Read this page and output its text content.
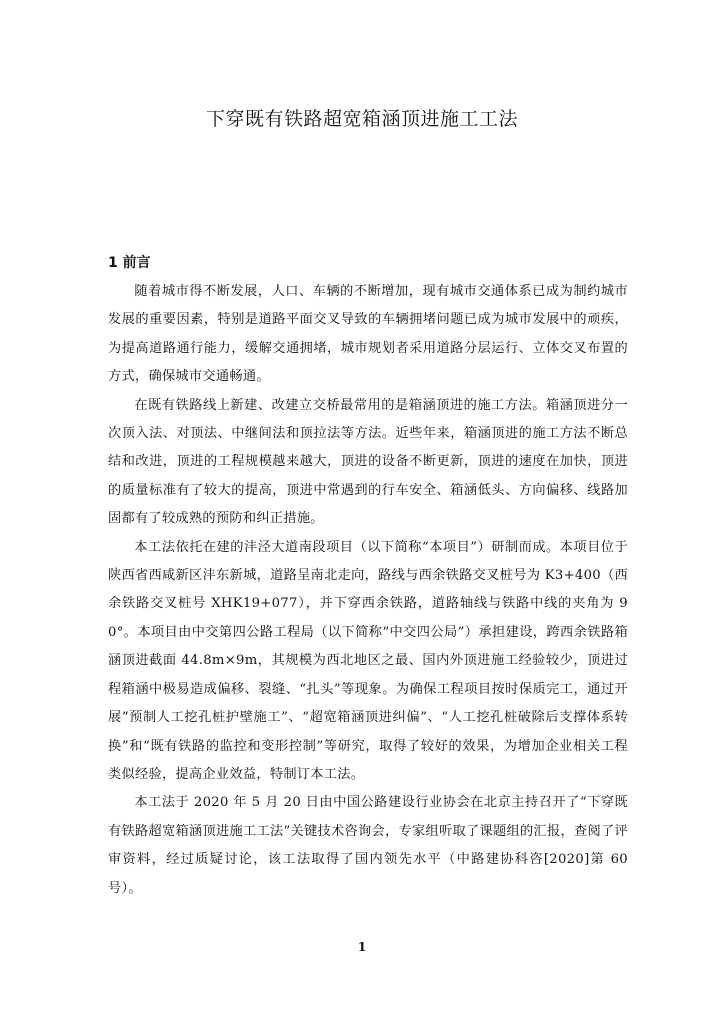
下穿既有铁路超宽箱涵顶进施工工法
1 前言

随着城市得不断发展，人口、车辆的不断增加，现有城市交通体系已成为制约城市发展的重要因素，特别是道路平面交叉导致的车辆拥堵问题已成为城市发展中的顽疾，为提高道路通行能力，缓解交通拥堵，城市规划者采用道路分层运行、立体交叉布置的方式，确保城市交通畅通。

在既有铁路线上新建、改建立交桥最常用的是箱涵顶进的施工方法。箱涵顶进分一次顶入法、对顶法、中继间法和顶拉法等方法。近些年来，箱涵顶进的施工方法不断总结和改进，顶进的工程规模越来越大，顶进的设备不断更新，顶进的速度在加快，顶进的质量标准有了较大的提高，顶进中常遇到的行车安全、箱涵低头、方向偏移、线路加固都有了较成熟的预防和纠正措施。

本工法依托在建的沣泾大道南段项目（以下简称“本项目”）研制而成。本项目位于陕西省西咸新区沣东新城，道路呈南北走向，路线与西余铁路交叉桩号为 K3+400（西余铁路交叉桩号 XHK19+077），并下穿西余铁路，道路轴线与铁路中线的夹角为 90°。本项目由中交第四公路工程局（以下简称“中交四公局”）承担建设，跨西余铁路箱涵顶进截面 44.8m×9m，其规模为西北地区之最、国内外顶进施工经验较少，顶进过程箱涵中极易造成偏移、裂缝、“扎头”等现象。为确保工程项目按时保质完工，通过开展“预制人工挖孔桩护壁施工”、“超宽箱涵顶进纠偏”、“人工挖孔桩破除后支撑体系转换”和“既有铁路的监控和变形控制”等研究，取得了较好的效果，为增加企业相关工程类似经验，提高企业效益，特制订本工法。

本工法于 2020 年 5 月 20 日由中国公路建设行业协会在北京主持召开了“下穿既有铁路超宽箱涵顶进施工工法”关键技术咨询会，专家组听取了课题组的汇报，查阅了评审资料，经过质疑讨论，该工法取得了国内领先水平（中路建协科咨[2020]第 60 号）。

1
